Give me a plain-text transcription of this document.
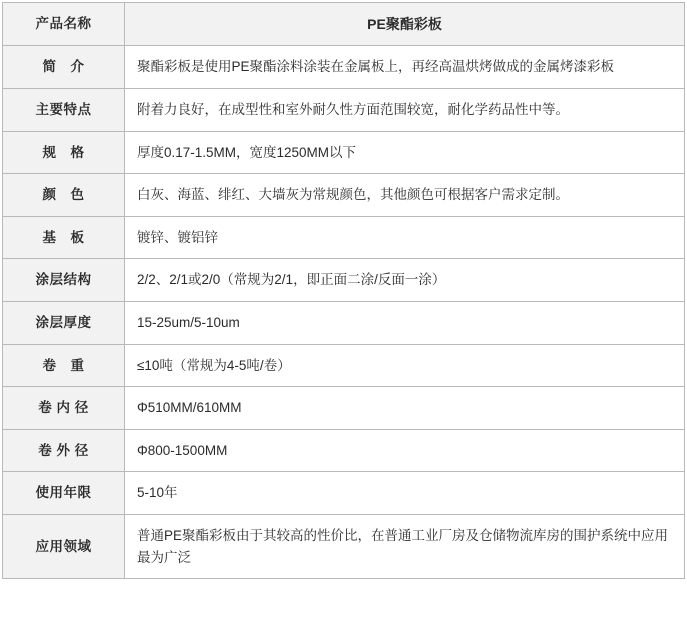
产品名称	PE聚酯彩板
简　介	聚酯彩板是使用PE聚酯涂料涂装在金属板上，再经高温烘烤做成的金属烤漆彩板
主要特点	附着力良好，在成型性和室外耐久性方面范围较宽，耐化学药品性中等。
规　格	厚度0.17-1.5MM，宽度1250MM以下
颜　色	白灰、海蓝、绯红、大墙灰为常规颜色，其他颜色可根据客户需求定制。
基　板	镀锌、镀铝锌
涂层结构	2/2、2/1或2/0（常规为2/1，即正面二涂/反面一涂）
涂层厚度	15-25um/5-10um
卷　重	≤10吨（常规为4-5吨/卷）
卷 内 径	Φ510MM/610MM
卷 外 径	Φ800-1500MM
使用年限	5-10年
应用领域	普通PE聚酯彩板由于其较高的性价比，在普通工业厂房及仓储物流库房的围护系统中应用最为广泛
